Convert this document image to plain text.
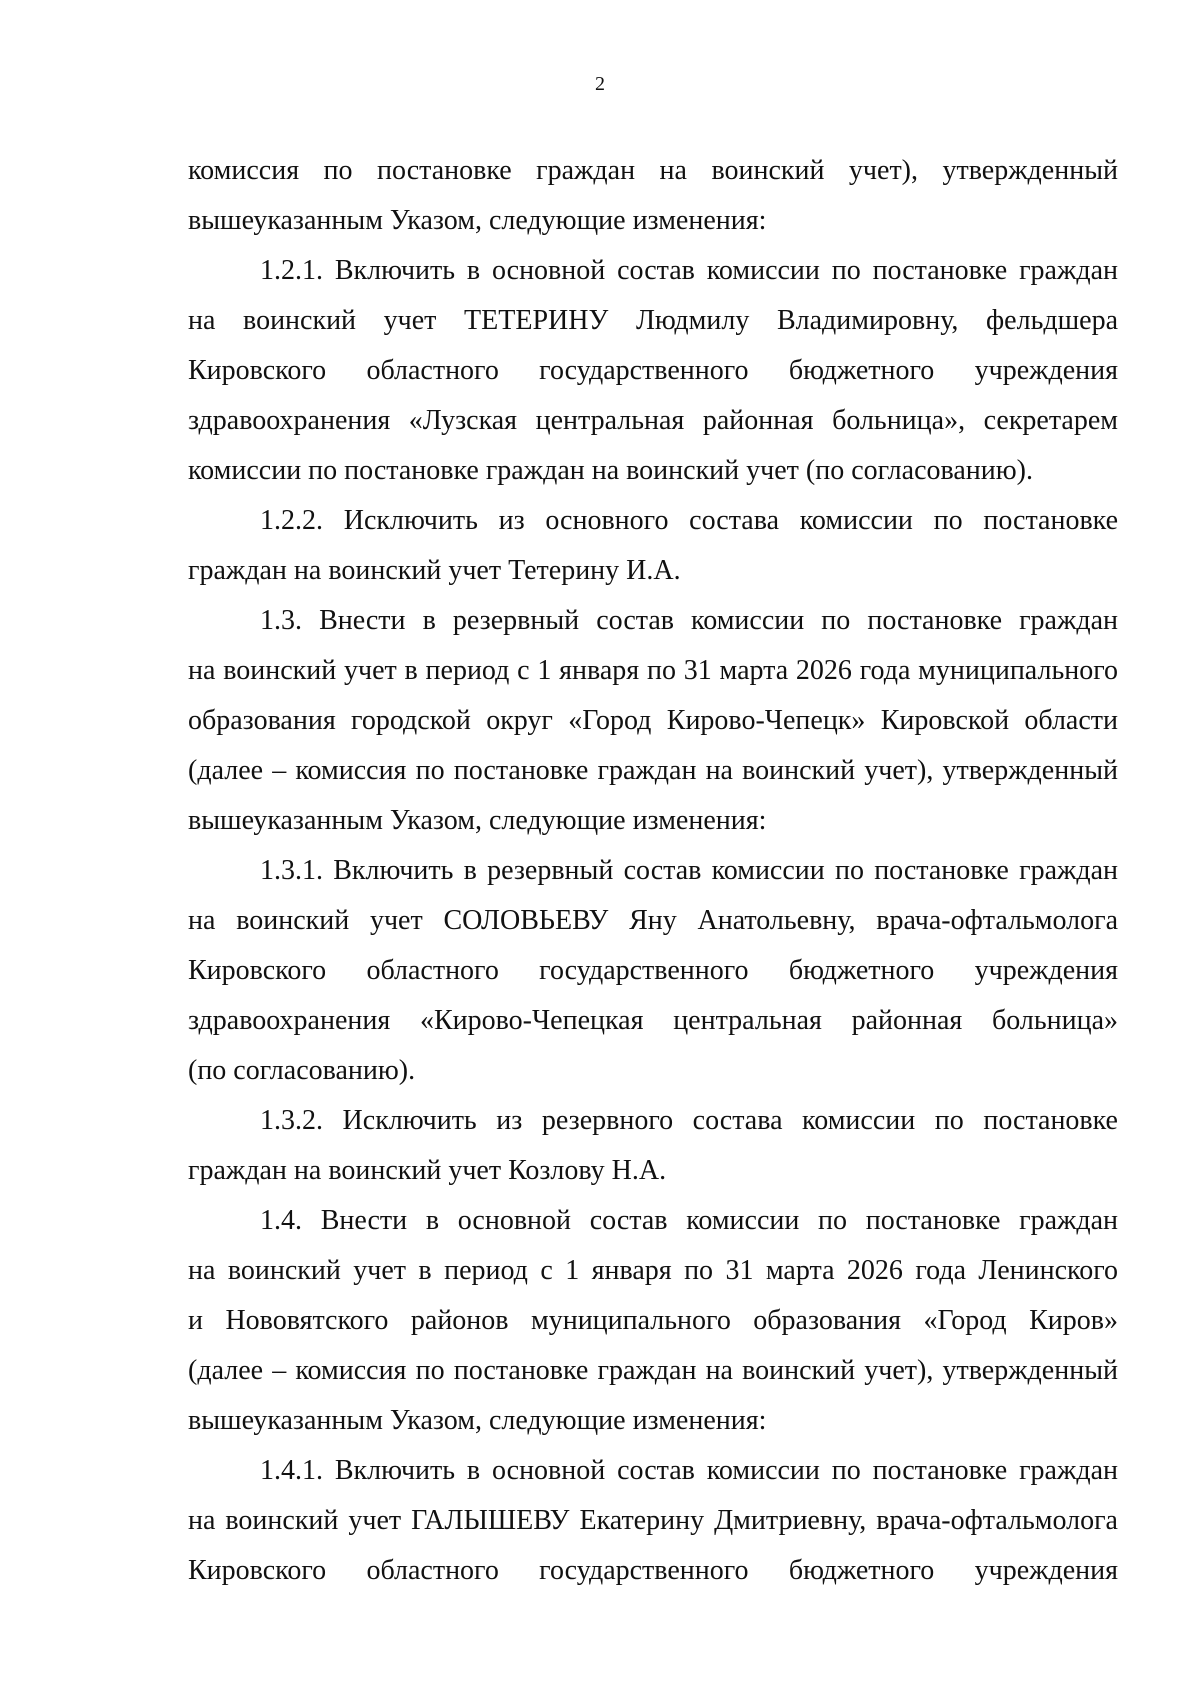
2
комиссия по постановке граждан на воинский учет), утвержденный
вышеуказанным Указом, следующие изменения:
1.2.1. Включить в основной состав комиссии по постановке граждан
на воинский учет ТЕТЕРИНУ Людмилу Владимировну, фельдшера
Кировского областного государственного бюджетного учреждения
здравоохранения «Лузская центральная районная больница», секретарем
комиссии по постановке граждан на воинский учет (по согласованию).
1.2.2. Исключить из основного состава комиссии по постановке
граждан на воинский учет Тетерину И.А.
1.3. Внести в резервный состав комиссии по постановке граждан
на воинский учет в период с 1 января по 31 марта 2026 года муниципального
образования городской округ «Город Кирово-Чепецк» Кировской области
(далее – комиссия по постановке граждан на воинский учет), утвержденный
вышеуказанным Указом, следующие изменения:
1.3.1. Включить в резервный состав комиссии по постановке граждан
на воинский учет СОЛОВЬЕВУ Яну Анатольевну, врача-офтальмолога
Кировского областного государственного бюджетного учреждения
здравоохранения «Кирово-Чепецкая центральная районная больница»
(по согласованию).
1.3.2. Исключить из резервного состава комиссии по постановке
граждан на воинский учет Козлову Н.А.
1.4. Внести в основной состав комиссии по постановке граждан
на воинский учет в период с 1 января по 31 марта 2026 года Ленинского
и Нововятского районов муниципального образования «Город Киров»
(далее – комиссия по постановке граждан на воинский учет), утвержденный
вышеуказанным Указом, следующие изменения:
1.4.1. Включить в основной состав комиссии по постановке граждан
на воинский учет ГАЛЫШЕВУ Екатерину Дмитриевну, врача-офтальмолога
Кировского областного государственного бюджетного учреждения
